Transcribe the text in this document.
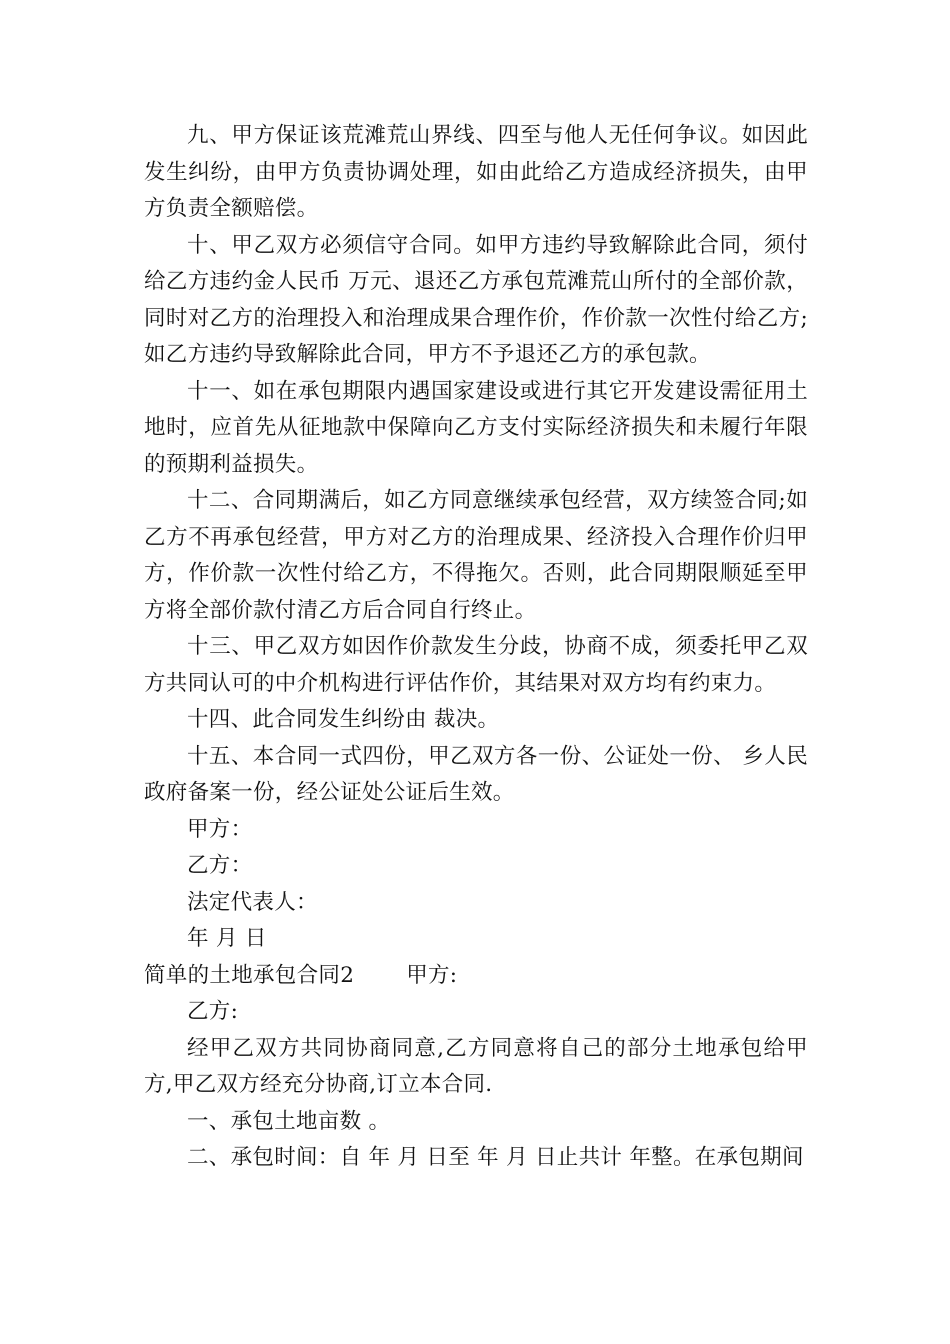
九、甲方保证该荒滩荒山界线、四至与他人无任何争议。如因此发生纠纷，由甲方负责协调处理，如由此给乙方造成经济损失，由甲方负责全额赔偿。

十、甲乙双方必须信守合同。如甲方违约导致解除此合同，须付给乙方违约金人民币 万元、退还乙方承包荒滩荒山所付的全部价款，同时对乙方的治理投入和治理成果合理作价，作价款一次性付给乙方;如乙方违约导致解除此合同，甲方不予退还乙方的承包款。

十一、如在承包期限内遇国家建设或进行其它开发建设需征用土地时，应首先从征地款中保障向乙方支付实际经济损失和未履行年限的预期利益损失。

十二、合同期满后，如乙方同意继续承包经营，双方续签合同;如乙方不再承包经营，甲方对乙方的治理成果、经济投入合理作价归甲方，作价款一次性付给乙方，不得拖欠。否则，此合同期限顺延至甲方将全部价款付清乙方后合同自行终止。

十三、甲乙双方如因作价款发生分歧，协商不成，须委托甲乙双方共同认可的中介机构进行评估作价，其结果对双方均有约束力。

十四、此合同发生纠纷由 裁决。

十五、本合同一式四份，甲乙双方各一份、公证处一份、 乡人民政府备案一份，经公证处公证后生效。

甲方：

乙方：

法定代表人：

年 月 日

简单的土地承包合同2 甲方:

乙方:

经甲乙双方共同协商同意,乙方同意将自己的部分土地承包给甲方,甲乙双方经充分协商,订立本合同.

一、承包土地亩数 。

二、承包时间：自 年 月 日至 年 月 日止共计 年整。在承包期间
